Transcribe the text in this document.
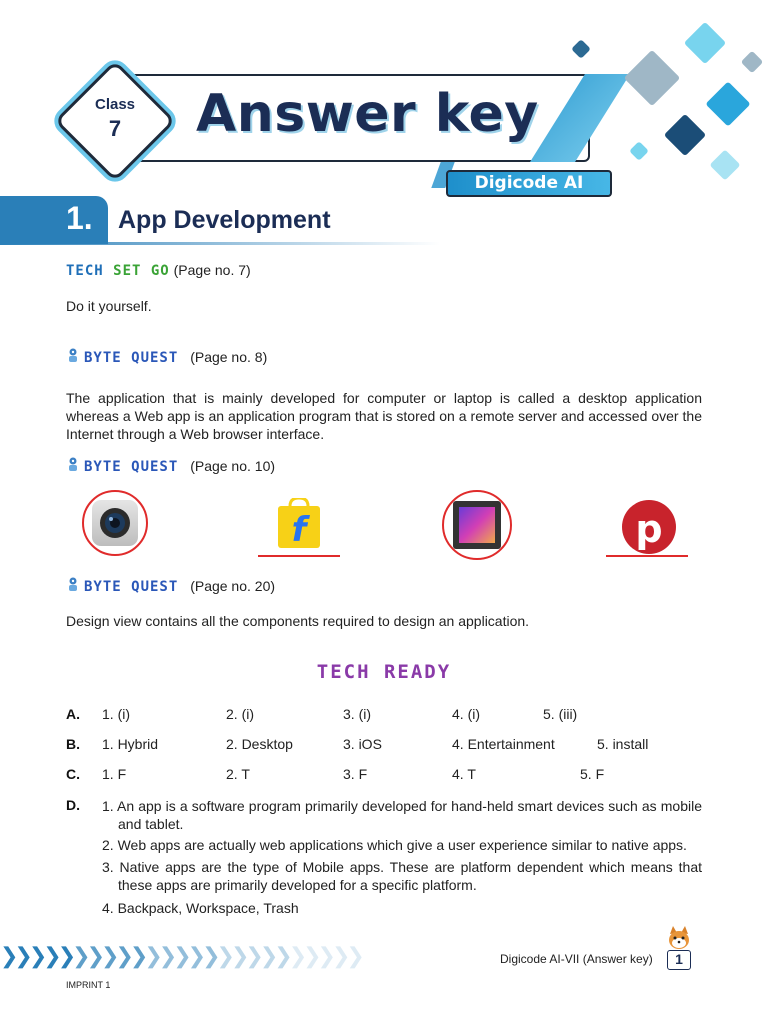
Answer key
Class
7
Digicode AI
1. App Development
TECH SET GO (Page no. 7)
Do it yourself.
BYTE QUEST (Page no. 8)
The application that is mainly developed for computer or laptop is called a desktop application whereas a Web app is an application program that is stored on a remote server and accessed over the Internet through a Web browser interface.
BYTE QUEST (Page no. 10)
f	p
BYTE QUEST (Page no. 20)
Design view contains all the components required to design an application.
TECH READY
A. 1. (i)	2. (i)	3. (i)	4. (i)	5. (iii)
B. 1. Hybrid	2. Desktop	3. iOS	4. Entertainment	5. install
C. 1. F	2. T	3. F	4. T	5. F
D. 1. An app is a software program primarily developed for hand-held smart devices such as mobile and tablet.
2. Web apps are actually web applications which give a user experience similar to native apps.
3. Native apps are the type of Mobile apps. These are platform dependent which means that these apps are primarily developed for a specific platform.
4. Backpack, Workspace, Trash
❯❯❯❯❯❯❯❯❯❯❯❯❯❯❯❯❯❯❯❯❯❯❯❯❯	Digicode AI-VII (Answer key)	1
IMPRINT 1
